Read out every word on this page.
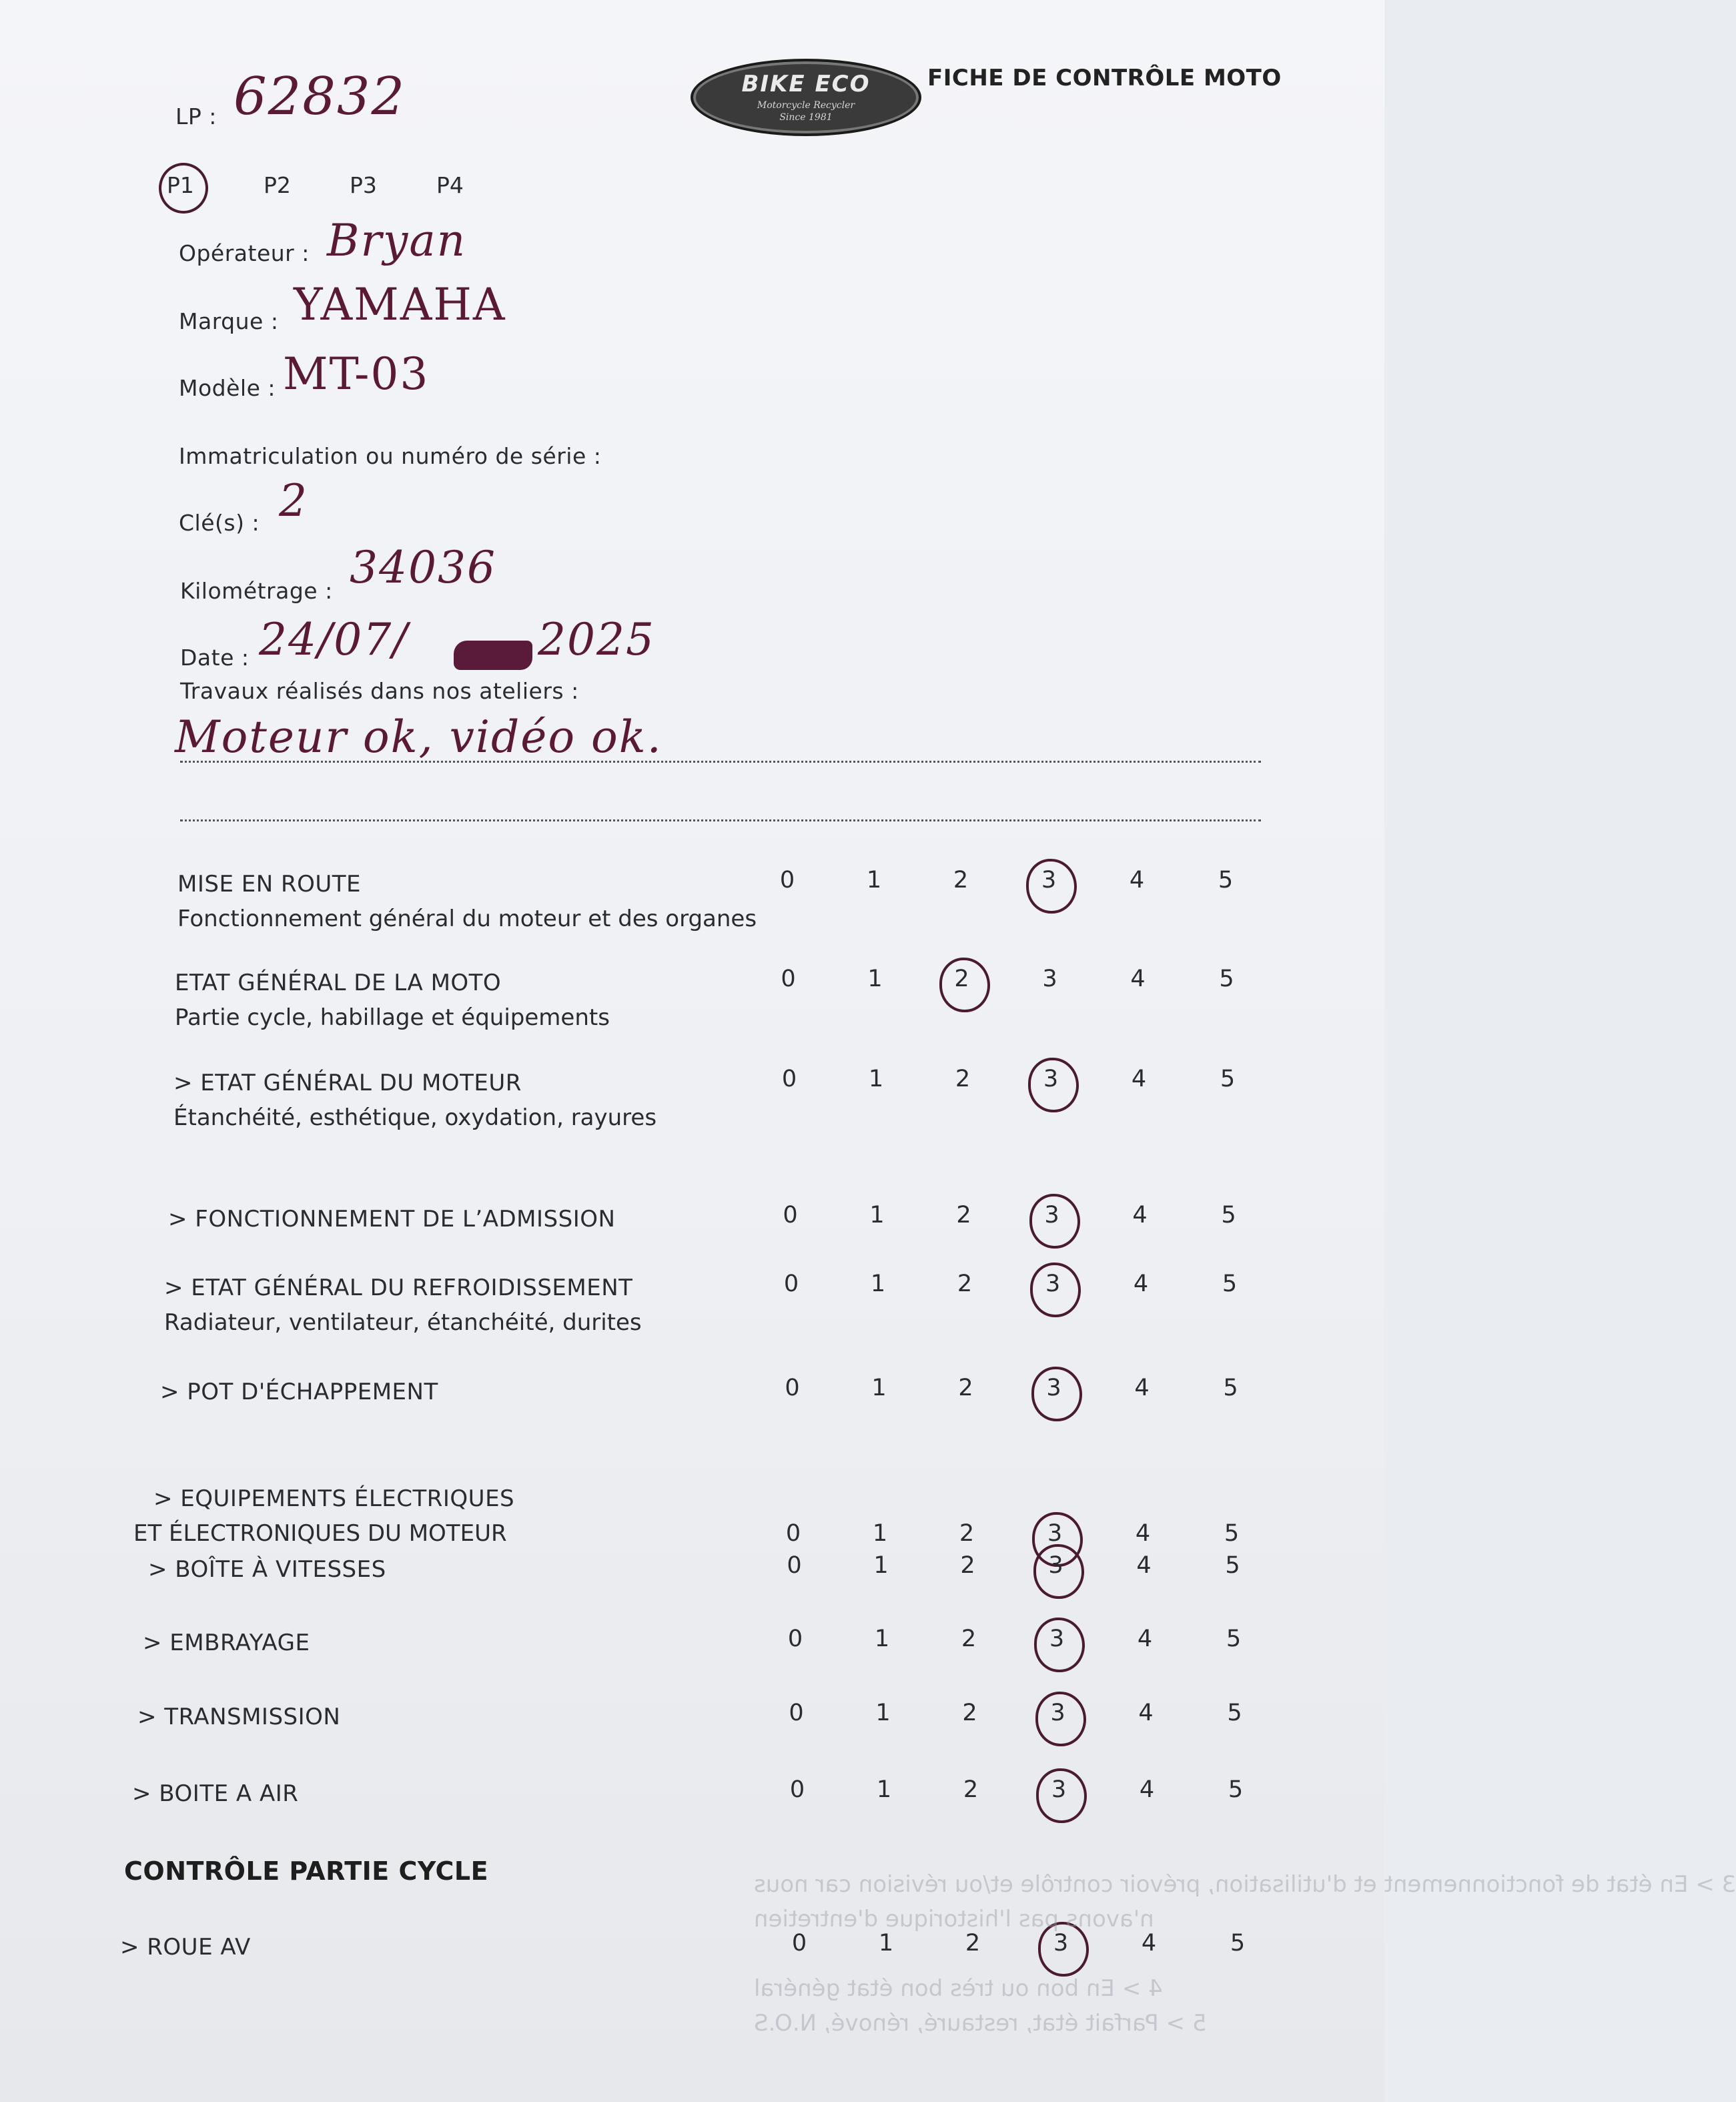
BIKE ECO
Motorcycle Recycler
Since 1981
FICHE DE CONTRÔLE MOTO
LP : 62832
P1	P2	P3	P4
Opérateur : Bryan
Marque : YAMAHA
Modèle : MT-03
Immatriculation ou numéro de série :
Clé(s) : 2
Kilométrage : 34036
Date : 24/07/	2025
Travaux réalisés dans nos ateliers :
Moteur ok, vidéo ok.
MISE EN ROUTE
Fonctionnement général du moteur et des organes
0	1	2	3	4	5
ETAT GÉNÉRAL DE LA MOTO
Partie cycle, habillage et équipements
0	1	2	3	4	5
> ETAT GÉNÉRAL DU MOTEUR
Étanchéité, esthétique, oxydation, rayures
0	1	2	3	4	5
> FONCTIONNEMENT DE L’ADMISSION	0	1	2	3	4	5
> ETAT GÉNÉRAL DU REFROIDISSEMENT
Radiateur, ventilateur, étanchéité, durites
0	1	2	3	4	5
> POT D'ÉCHAPPEMENT	0	1	2	3	4	5
> EQUIPEMENTS ÉLECTRIQUES
ET ÉLECTRONIQUES DU MOTEUR	0	1	2	3	4	5
> BOÎTE À VITESSES	0	1	2	3	4	5
> EMBRAYAGE	0	1	2	3	4	5
> TRANSMISSION	0	1	2	3	4	5
> BOITE A AIR	0	1	2	3	4	5
> ROUE AV	0	1	2	3	4	5
3 > En état de fonctionnement et d'utilisation, prévoir contrôle et/ou révision car nous
n'avons pas l'historique d'entretien
4 > En bon ou très bon état général
5 > Parfait état, restauré, rénové, N.O.S
CONTRÔLE PARTIE CYCLE
